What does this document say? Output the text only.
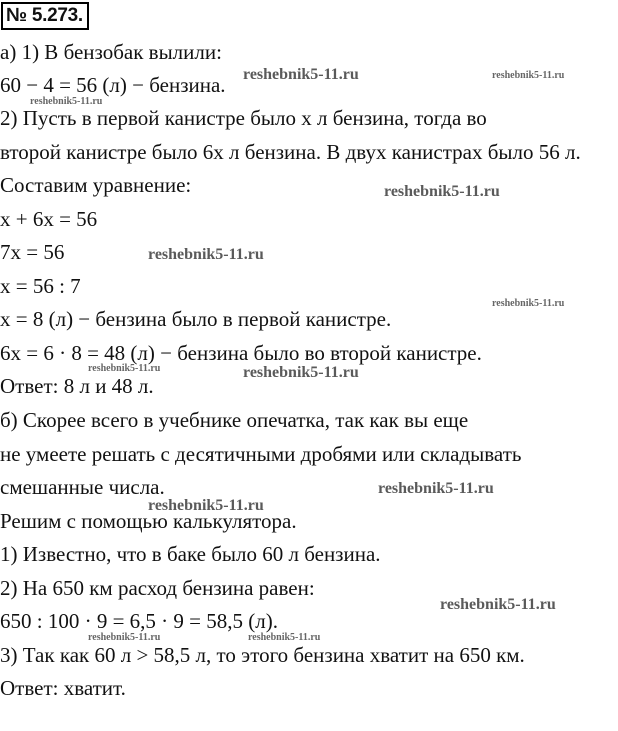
№ 5.273.
а) 1) В бензобак вылили:
60 − 4 = 56 (л) − бензина.
2) Пусть в первой канистре было x л бензина, тогда во
второй канистре было 6x л бензина. В двух канистрах было 56 л.
Составим уравнение:
x + 6x = 56
7x = 56
x = 56 : 7
x = 8 (л) − бензина было в первой канистре.
6x = 6 · 8 = 48 (л) − бензина было во второй канистре.
Ответ: 8 л и 48 л.
б) Скорее всего в учебнике опечатка, так как вы еще
не умеете решать с десятичными дробями или складывать
смешанные числа.
Решим с помощью калькулятора.
1) Известно, что в баке было 60 л бензина.
2) На 650 км расход бензина равен:
650 : 100 · 9 = 6,5 · 9 = 58,5 (л).
3) Так как 60 л > 58,5 л, то этого бензина хватит на 650 км.
Ответ: хватит.
reshebnik5-11.ru	reshebnik5-11.ru
reshebnik5-11.ru
reshebnik5-11.ru
reshebnik5-11.ru
reshebnik5-11.ru
reshebnik5-11.ru	reshebnik5-11.ru
reshebnik5-11.ru
reshebnik5-11.ru
reshebnik5-11.ru
reshebnik5-11.ru	reshebnik5-11.ru
